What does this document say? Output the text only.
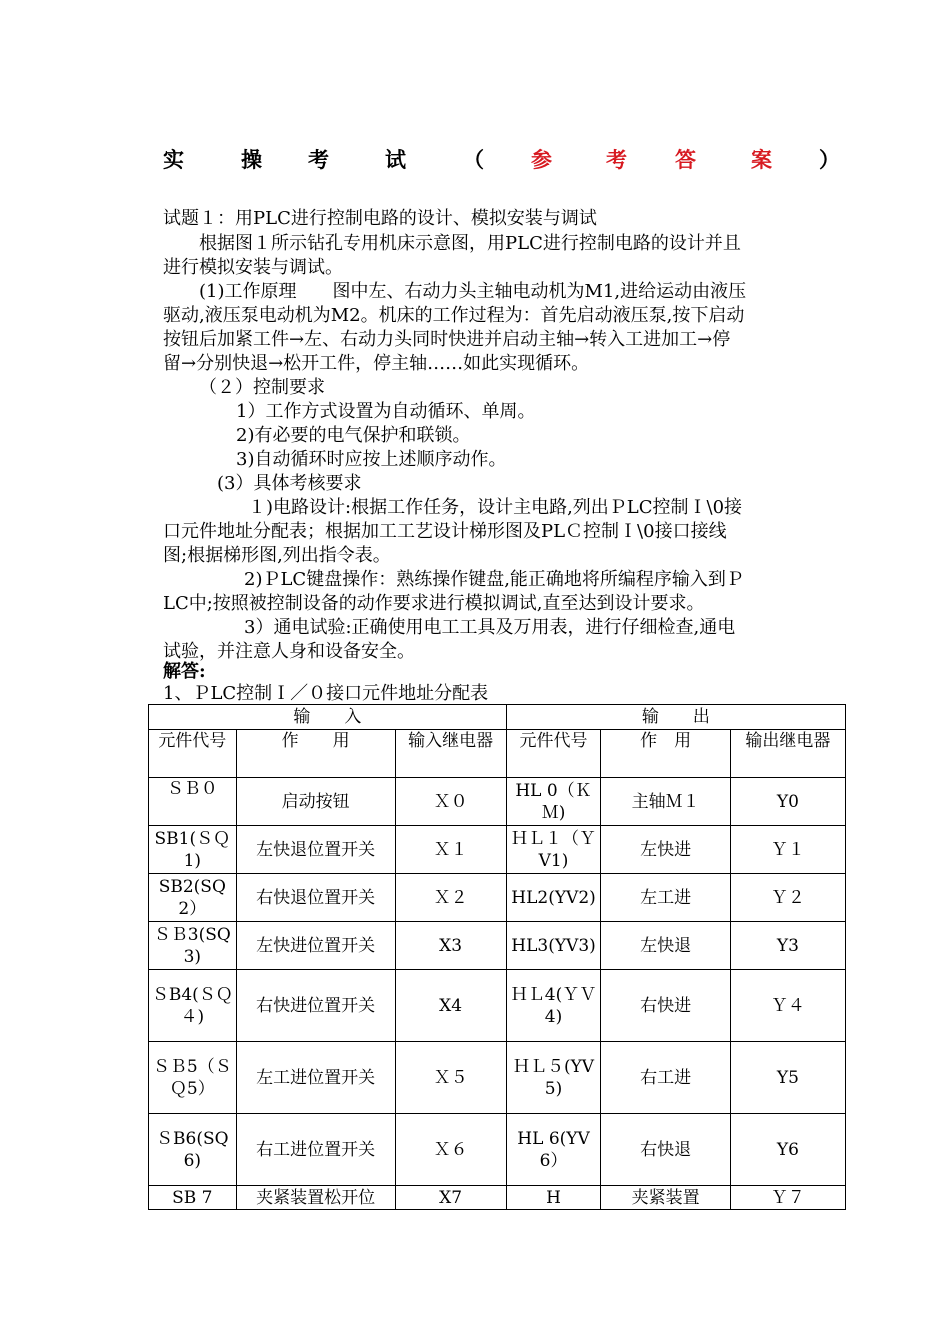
实	操 考	试	（ 参	考 答	案 ）
试题１：用PLC进行控制电路的设计、模拟安装与调试
根据图１所示钻孔专用机床示意图，用PLC进行控制电路的设计并且
进行模拟安装与调试。
(1)工作原理　　图中左、右动力头主轴电动机为M1,进给运动由液压
驱动,液压泵电动机为M2。机床的工作过程为：首先启动液压泵,按下启动
按钮后加紧工件→左、右动力头同时快进并启动主轴→转入工进加工→停
留→分别快退→松开工件，停主轴……如此实现循环。
（２）控制要求
1）工作方式设置为自动循环、单周。
2)有必要的电气保护和联锁。
3)自动循环时应按上述顺序动作。
(3）具体考核要求
１)电路设计:根据工作任务，设计主电路,列出ＰLC控制Ｉ\0接
口元件地址分配表；根据加工工艺设计梯形图及PLＣ控制Ｉ\0接口接线
图;根据梯形图,列出指令表。
2)ＰLC键盘操作：熟练操作键盘,能正确地将所编程序输入到Ｐ
LC中;按照被控制设备的动作要求进行模拟调试,直至达到设计要求。
3）通电试验:正确使用电工工具及万用表，进行仔细检查,通电
试验，并注意人身和设备安全。
解答:
1、ＰLC控制Ｉ／０接口元件地址分配表
输　　入			输　　出		
元件代号	作　　用	输入继电器	元件代号	作　用	输出继电器
ＳＢ０	启动按钮	Ｘ０	HL 0（ＫＭ)	主轴Ｍ１	Y0
SB1(ＳＱ1)	左快退位置开关	Ｘ１	ＨＬ１（ＹV1)	左快进	Ｙ１
SB2(SQ2）	右快退位置开关	Ｘ２	HL2(YV2)	左工进	Ｙ２
ＳＢ3(SQ3)	左快进位置开关	X3	HL3(YV3)	左快退	Y3
ＳB4(ＳＱ４)	右快进位置开关	X4	ＨＬ4(ＹＶ4)	右快进	Ｙ４
ＳＢ5（ＳＱ5）	左工进位置开关	Ｘ５	ＨＬ５(YV5)	右工进	Y5
ＳB6(SQ6)	右工进位置开关	Ｘ６	HL 6(YV6）	右快退	Y6
SB 7	夹紧装置松开位	X7	H	夹紧装置	Ｙ７
